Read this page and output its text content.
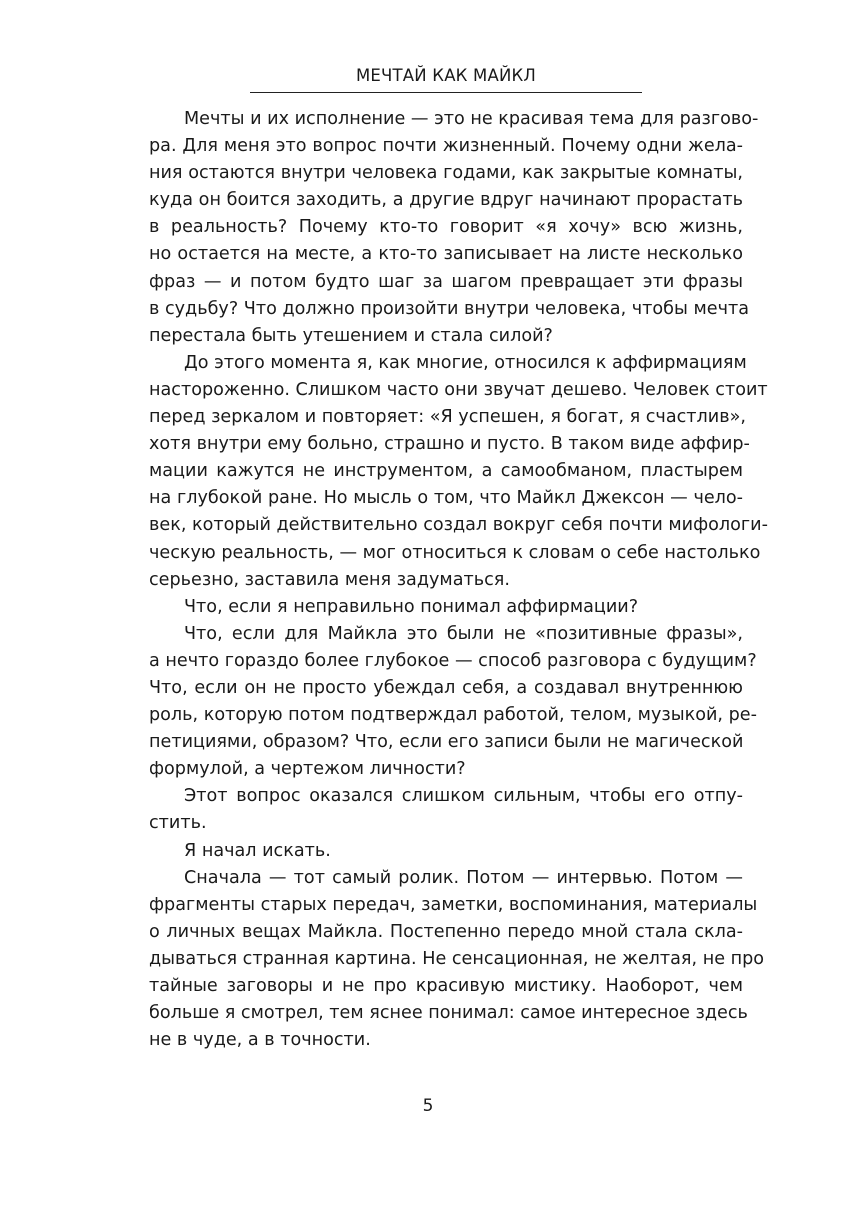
МЕЧТАЙ КАК МАЙКЛ
Мечты и их исполнение — это не красивая тема для разгово-
ра. Для меня это вопрос почти жизненный. Почему одни жела-
ния остаются внутри человека годами, как закрытые комнаты,
куда он боится заходить, а другие вдруг начинают прорастать
в реальность? Почему кто-то говорит «я хочу» всю жизнь,
но остается на месте, а кто-то записывает на листе несколько
фраз — и потом будто шаг за шагом превращает эти фразы
в судьбу? Что должно произойти внутри человека, чтобы мечта
перестала быть утешением и стала силой?
До этого момента я, как многие, относился к аффирмациям
настороженно. Слишком часто они звучат дешево. Человек стоит
перед зеркалом и повторяет: «Я успешен, я богат, я счастлив»,
хотя внутри ему больно, страшно и пусто. В таком виде аффир-
мации кажутся не инструментом, а самообманом, пластырем
на глубокой ране. Но мысль о том, что Майкл Джексон — чело-
век, который действительно создал вокруг себя почти мифологи-
ческую реальность, — мог относиться к словам о себе настолько
серьезно, заставила меня задуматься.
Что, если я неправильно понимал аффирмации?
Что, если для Майкла это были не «позитивные фразы»,
а нечто гораздо более глубокое — способ разговора с будущим?
Что, если он не просто убеждал себя, а создавал внутреннюю
роль, которую потом подтверждал работой, телом, музыкой, ре-
петициями, образом? Что, если его записи были не магической
формулой, а чертежом личности?
Этот вопрос оказался слишком сильным, чтобы его отпу-
стить.
Я начал искать.
Сначала — тот самый ролик. Потом — интервью. Потом —
фрагменты старых передач, заметки, воспоминания, материалы
о личных вещах Майкла. Постепенно передо мной стала скла-
дываться странная картина. Не сенсационная, не желтая, не про
тайные заговоры и не про красивую мистику. Наоборот, чем
больше я смотрел, тем яснее понимал: самое интересное здесь
не в чуде, а в точности.
5
